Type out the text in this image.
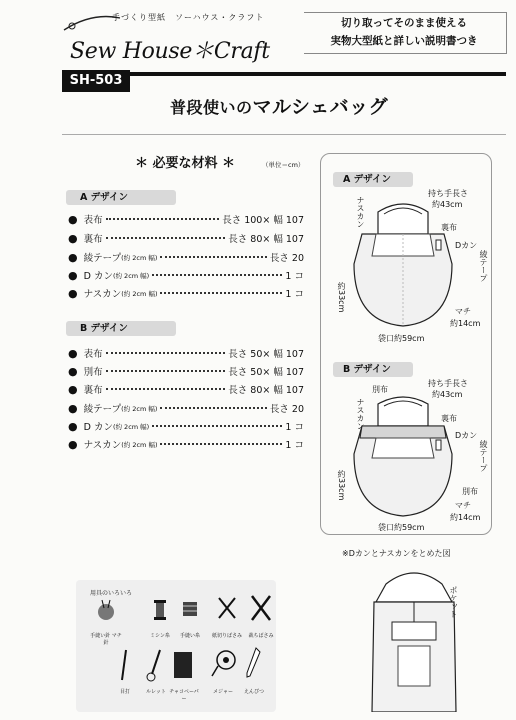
手づくり型紙　ソーハウス・クラフト
Sew House＊Craft
切り取ってそのまま使える
実物大型紙と詳しい説明書つき
SH-503
普段使いのマルシェバッグ
＊ 必要な材料 ＊	（単位＝cm）
A デザイン
● 表布	長さ 100× 幅 107
● 裏布	長さ 80× 幅 107
● 綾テープ (約 2cm 幅)	長さ 20
● D カン (約 2cm 幅)	1 コ
● ナスカン (約 2cm 幅)	1 コ
B デザイン
● 表布	長さ 50× 幅 107
● 別布	長さ 50× 幅 107
● 裏布	長さ 80× 幅 107
● 綾テープ (約 2cm 幅)	長さ 20
● D カン (約 2cm 幅)	1 コ
● ナスカン (約 2cm 幅)	1 コ
A デザイン
持ち手長さ
約43cm
裏布
Dカン
綾テープ
マチ
約14cm
ナスカン
約33cm
袋口約59cm
B デザイン
別布
持ち手長さ
約43cm
裏布
Dカン
綾テープ
別布
マチ
約14cm
ナスカン
約33cm
袋口約59cm
※Dカンとナスカンをとめた図
ポケット
用具のいろいろ
手縫い針 マチ針
ミシン糸	手縫い糸	紙切りばさみ	裁ちばさみ
目打	ルレット チャコペーパー
メジャー	えんぴつ
